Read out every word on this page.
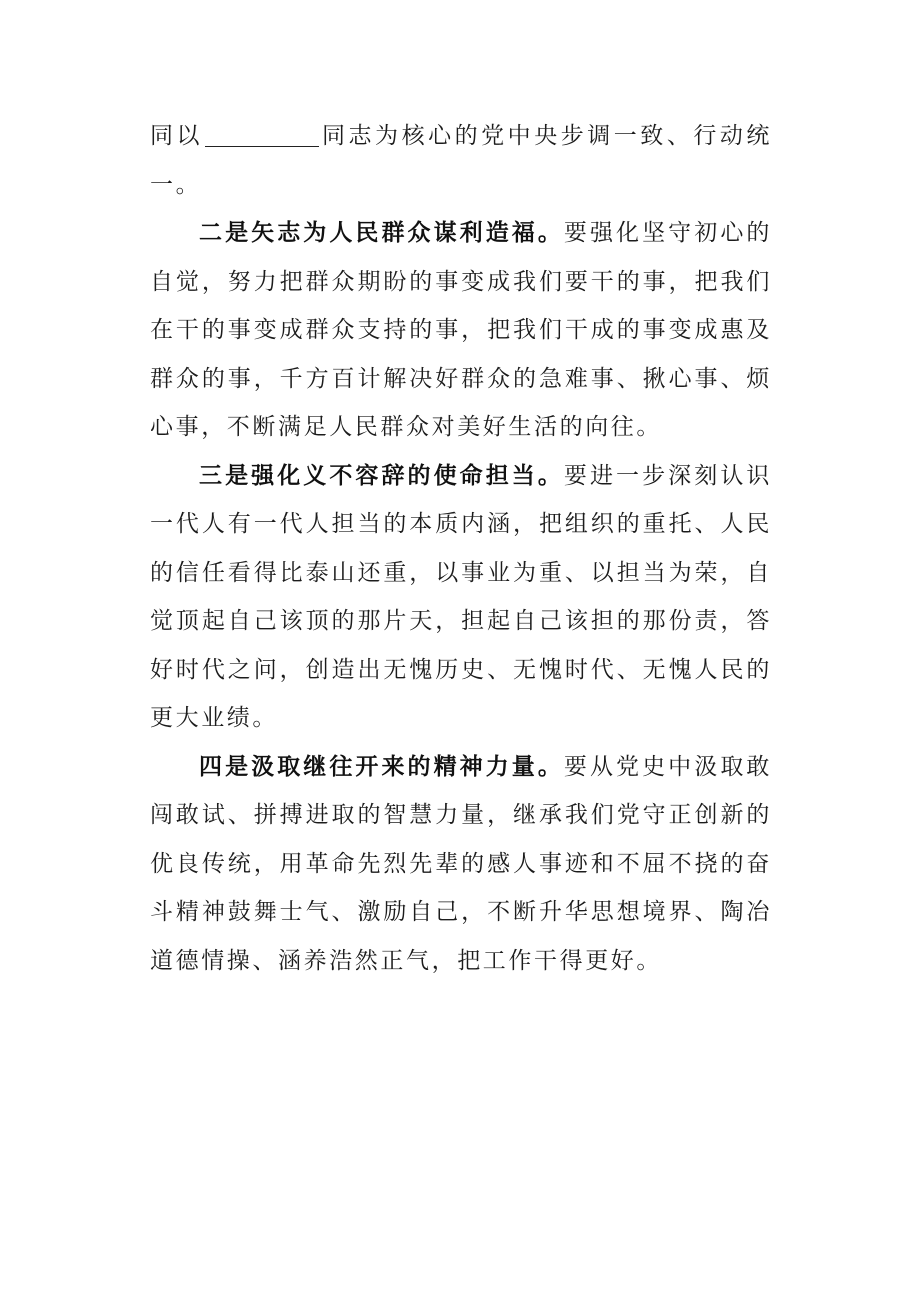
同以	同志为核心的党中央步调一致、行动统一。

二是矢志为人民群众谋利造福。要强化坚守初心的自觉，努力把群众期盼的事变成我们要干的事，把我们在干的事变成群众支持的事，把我们干成的事变成惠及群众的事，千方百计解决好群众的急难事、揪心事、烦心事，不断满足人民群众对美好生活的向往。

三是强化义不容辞的使命担当。要进一步深刻认识一代人有一代人担当的本质内涵，把组织的重托、人民的信任看得比泰山还重，以事业为重、以担当为荣，自觉顶起自己该顶的那片天，担起自己该担的那份责，答好时代之问，创造出无愧历史、无愧时代、无愧人民的更大业绩。

四是汲取继往开来的精神力量。要从党史中汲取敢闯敢试、拼搏进取的智慧力量，继承我们党守正创新的优良传统，用革命先烈先辈的感人事迹和不屈不挠的奋斗精神鼓舞士气、激励自己，不断升华思想境界、陶冶道德情操、涵养浩然正气，把工作干得更好。
